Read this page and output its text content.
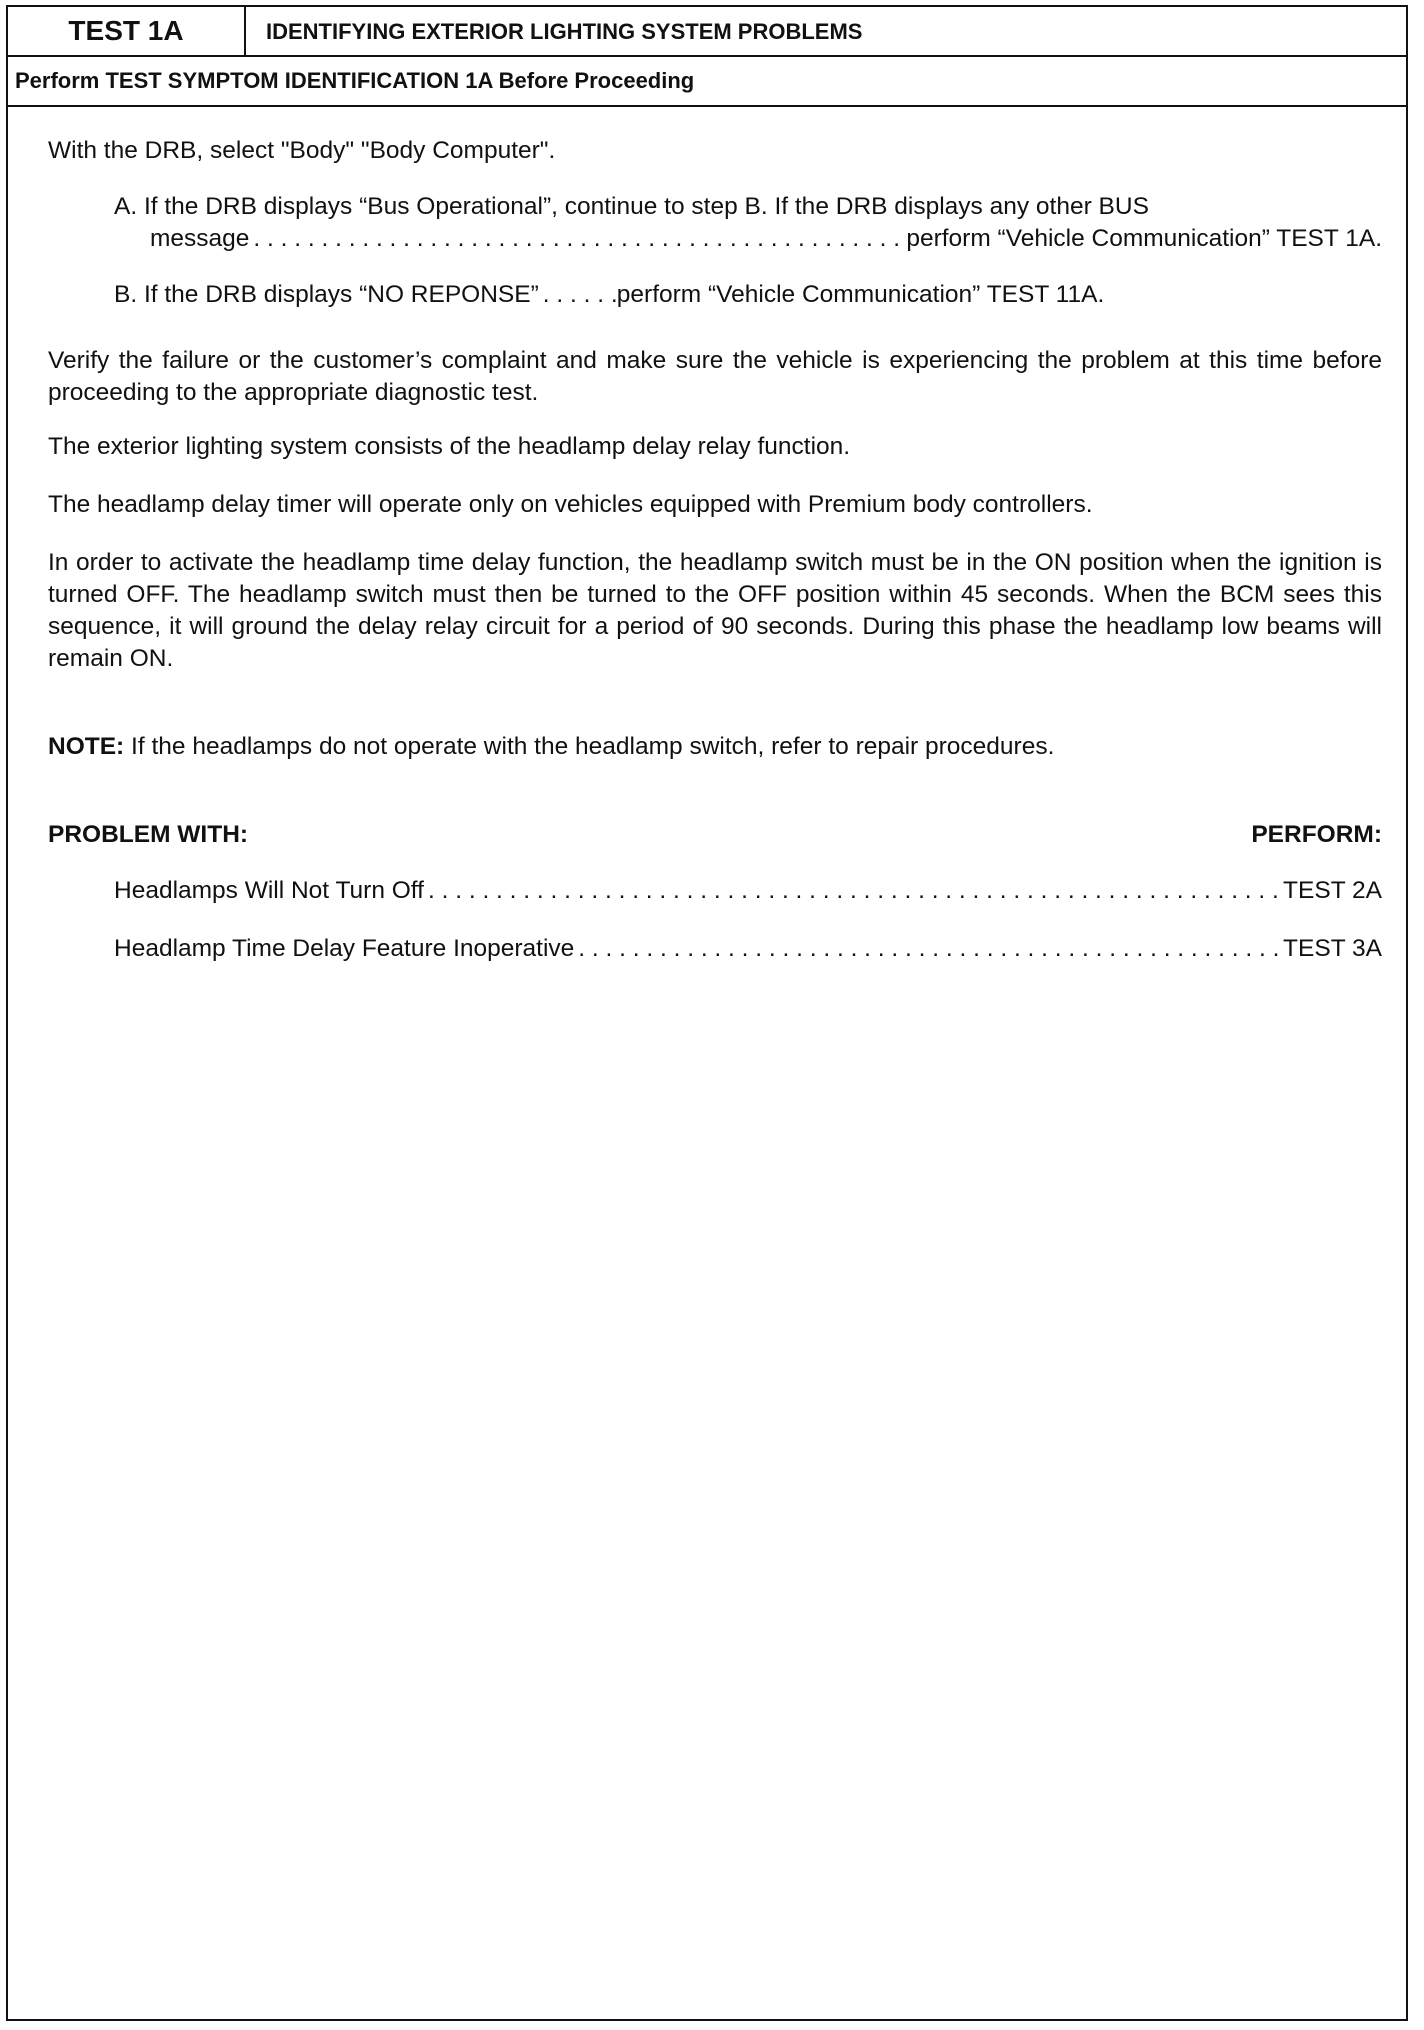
TEST 1A	IDENTIFYING EXTERIOR LIGHTING SYSTEM PROBLEMS
Perform TEST SYMPTOM IDENTIFICATION 1A Before Proceeding

With the DRB, select "Body" "Body Computer".

A. If the DRB displays “Bus Operational”, continue to step B. If the DRB displays any other BUS

message . . .	perform “Vehicle Communication” TEST 1A.
B. If the DRB displays “NO REPONSE” . . .	perform “Vehicle Communication” TEST 11A.

Verify the failure or the customer’s complaint and make sure the vehicle is experiencing the problem at this time before proceeding to the appropriate diagnostic test.

The exterior lighting system consists of the headlamp delay relay function.

The headlamp delay timer will operate only on vehicles equipped with Premium body controllers.

In order to activate the headlamp time delay function, the headlamp switch must be in the ON position when the ignition is turned OFF. The headlamp switch must then be turned to the OFF position within 45 seconds. When the BCM sees this sequence, it will ground the delay relay circuit for a period of 90 seconds. During this phase the headlamp low beams will remain ON.

NOTE: If the headlamps do not operate with the headlamp switch, refer to repair procedures.

PROBLEM WITH:	PERFORM:
Headlamps Will Not Turn Off . . .	TEST 2A
Headlamp Time Delay Feature Inoperative . . .	TEST 3A
